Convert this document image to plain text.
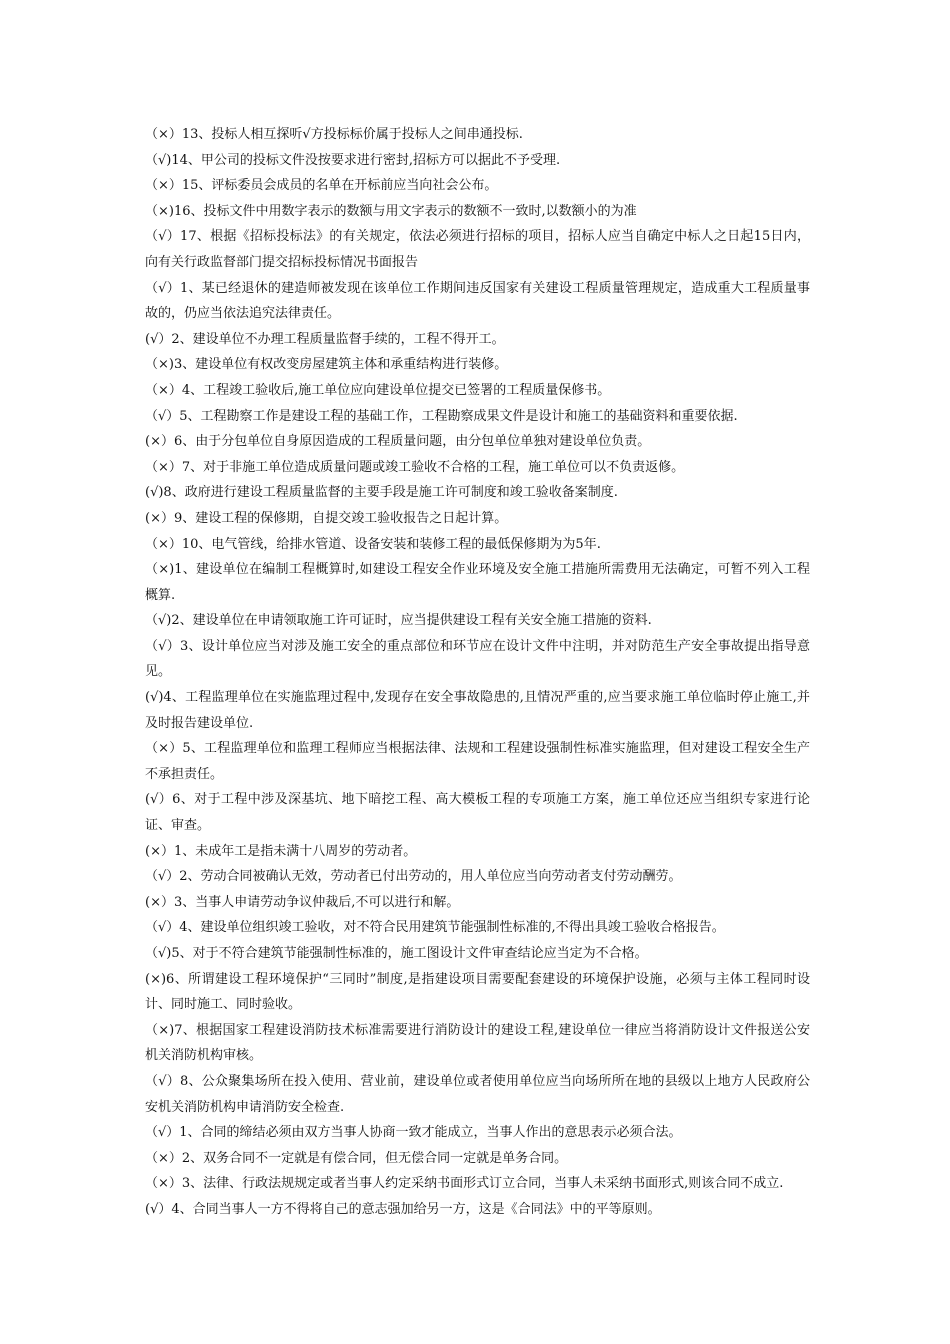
（×）13、投标人相互探听√方投标标价属于投标人之间串通投标.

（√)14、甲公司的投标文件没按要求进行密封,招标方可以据此不予受理.

（×）15、评标委员会成员的名单在开标前应当向社会公布。

（×)16、投标文件中用数字表示的数额与用文字表示的数额不一致时,以数额小的为准

（√）17、根据《招标投标法》的有关规定，依法必须进行招标的项目，招标人应当自确定中标人之日起15日内，向有关行政监督部门提交招标投标情况书面报告

（√）1、某已经退休的建造师被发现在该单位工作期间违反国家有关建设工程质量管理规定，造成重大工程质量事故的，仍应当依法追究法律责任。

(√）2、建设单位不办理工程质量监督手续的，工程不得开工。

（×)3、建设单位有权改变房屋建筑主体和承重结构进行装修。

（×）4、工程竣工验收后,施工单位应向建设单位提交已签署的工程质量保修书。

（√）5、工程勘察工作是建设工程的基础工作，工程勘察成果文件是设计和施工的基础资料和重要依据.

(×）6、由于分包单位自身原因造成的工程质量问题，由分包单位单独对建设单位负责。

（×）7、对于非施工单位造成质量问题或竣工验收不合格的工程，施工单位可以不负责返修。

(√)8、政府进行建设工程质量监督的主要手段是施工许可制度和竣工验收备案制度.

(×）9、建设工程的保修期，自提交竣工验收报告之日起计算。

（×）10、电气管线，给排水管道、设备安装和装修工程的最低保修期为为5年.

（×)1、建设单位在编制工程概算时,如建设工程安全作业环境及安全施工措施所需费用无法确定，可暂不列入工程概算.

（√)2、建设单位在申请领取施工许可证时，应当提供建设工程有关安全施工措施的资料.

（√）3、设计单位应当对涉及施工安全的重点部位和环节应在设计文件中注明，并对防范生产安全事故提出指导意见。

(√)4、工程监理单位在实施监理过程中,发现存在安全事故隐患的,且情况严重的,应当要求施工单位临时停止施工,并及时报告建设单位.

（×）5、工程监理单位和监理工程师应当根据法律、法规和工程建设强制性标准实施监理，但对建设工程安全生产不承担责任。

(√）6、对于工程中涉及深基坑、地下暗挖工程、高大模板工程的专项施工方案，施工单位还应当组织专家进行论证、审查。

(×）1、未成年工是指未满十八周岁的劳动者。

（√）2、劳动合同被确认无效，劳动者已付出劳动的，用人单位应当向劳动者支付劳动酬劳。

(×）3、当事人申请劳动争议仲裁后,不可以进行和解。

（√）4、建设单位组织竣工验收，对不符合民用建筑节能强制性标准的,不得出具竣工验收合格报告。

（√)5、对于不符合建筑节能强制性标准的，施工图设计文件审查结论应当定为不合格。

(×)6、所谓建设工程环境保护“三同时”制度,是指建设项目需要配套建设的环境保护设施，必须与主体工程同时设计、同时施工、同时验收。

（×)7、根据国家工程建设消防技术标准需要进行消防设计的建设工程,建设单位一律应当将消防设计文件报送公安机关消防机构审核。

（√）8、公众聚集场所在投入使用、营业前，建设单位或者使用单位应当向场所所在地的县级以上地方人民政府公安机关消防机构申请消防安全检查.

（√）1、合同的缔结必须由双方当事人协商一致才能成立，当事人作出的意思表示必须合法。

（×）2、双务合同不一定就是有偿合同，但无偿合同一定就是单务合同。

（×）3、法律、行政法规规定或者当事人约定采纳书面形式订立合同，当事人未采纳书面形式,则该合同不成立.

(√）4、合同当事人一方不得将自己的意志强加给另一方，这是《合同法》中的平等原则。
